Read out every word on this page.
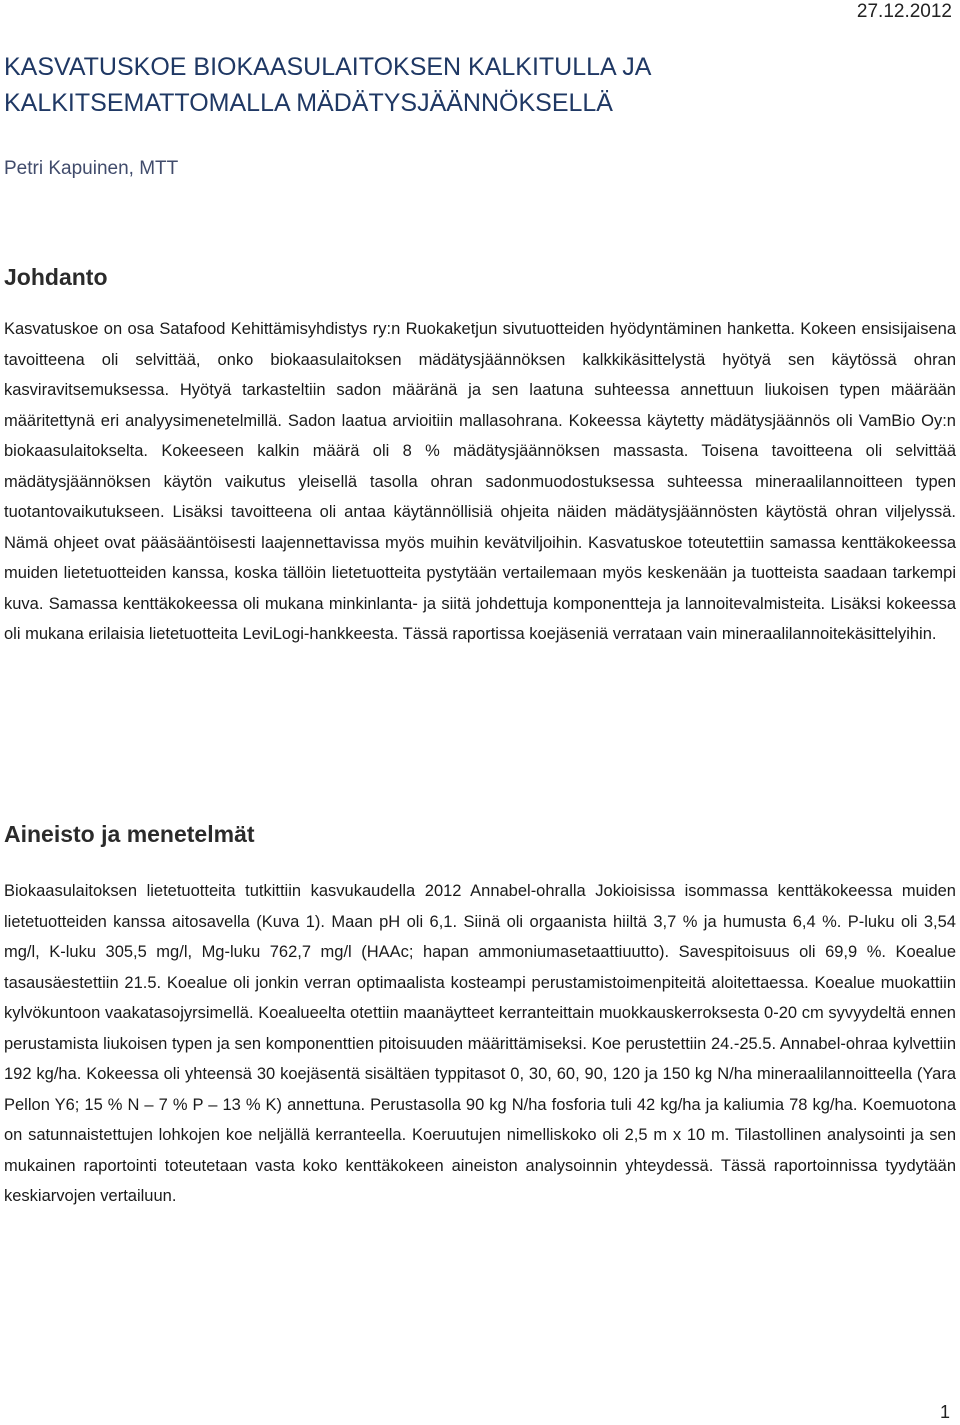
27.12.2012
KASVATUSKOE BIOKAASULAITOKSEN KALKITULLA JA KALKITSEMATTOMALLA MÄDÄTYSJÄÄNNÖKSELLÄ
Petri Kapuinen, MTT
Johdanto

Kasvatuskoe on osa Satafood Kehittämisyhdistys ry:n Ruokaketjun sivutuotteiden hyödyntäminen hanketta. Kokeen ensisijaisena tavoitteena oli selvittää, onko biokaasulaitoksen mädätysjäännöksen kalkkikäsittelystä hyötyä sen käytössä ohran kasviravitsemuksessa. Hyötyä tarkasteltiin sadon määränä ja sen laatuna suhteessa annettuun liukoisen typen määrään määritettynä eri analyysimenetelmillä. Sadon laatua arvioitiin mallasohrana. Kokeessa käytetty mädätysjäännös oli VamBio Oy:n biokaasulaitokselta. Kokeeseen kalkin määrä oli 8 % mädätysjäännöksen massasta. Toisena tavoitteena oli selvittää mädätysjäännöksen käytön vaikutus yleisellä tasolla ohran sadonmuodostuksessa suhteessa mineraalilannoitteen typen tuotantovaikutukseen. Lisäksi tavoitteena oli antaa käytännöllisiä ohjeita näiden mädätysjäännösten käytöstä ohran viljelyssä. Nämä ohjeet ovat pääsääntöisesti laajennettavissa myös muihin kevätviljoihin. Kasvatuskoe toteutettiin samassa kenttäkokeessa muiden lietetuotteiden kanssa, koska tällöin lietetuotteita pystytään vertailemaan myös keskenään ja tuotteista saadaan tarkempi kuva. Samassa kenttäkokeessa oli mukana minkinlanta- ja siitä johdettuja komponentteja ja lannoitevalmisteita. Lisäksi kokeessa oli mukana erilaisia lietetuotteita LeviLogi-hankkeesta. Tässä raportissa koejäseniä verrataan vain mineraalilannoitekäsittelyihin.

Aineisto ja menetelmät

Biokaasulaitoksen lietetuotteita tutkittiin kasvukaudella 2012 Annabel-ohralla Jokioisissa isommassa kenttäkokeessa muiden lietetuotteiden kanssa aitosavella (Kuva 1). Maan pH oli 6,1. Siinä oli orgaanista hiiltä 3,7 % ja humusta 6,4 %. P-luku oli 3,54 mg/l, K-luku 305,5 mg/l, Mg-luku 762,7 mg/l (HAAc; hapan ammoniumasetaattiuutto). Savespitoisuus oli 69,9 %. Koealue tasausäestettiin 21.5. Koealue oli jonkin verran optimaalista kosteampi perustamistoimenpiteitä aloitettaessa. Koealue muokattiin kylvökuntoon vaakatasojyrsimellä. Koealueelta otettiin maanäytteet kerranteittain muokkauskerroksesta 0-20 cm syvyydeltä ennen perustamista liukoisen typen ja sen komponenttien pitoisuuden määrittämiseksi. Koe perustettiin 24.-25.5. Annabel-ohraa kylvettiin 192 kg/ha. Kokeessa oli yhteensä 30 koejäsentä sisältäen typpitasot 0, 30, 60, 90, 120 ja 150 kg N/ha mineraalilannoitteella (Yara Pellon Y6; 15 % N – 7 % P – 13 % K) annettuna. Perustasolla 90 kg N/ha fosforia tuli 42 kg/ha ja kaliumia 78 kg/ha. Koemuotona on satunnaistettujen lohkojen koe neljällä kerranteella. Koeruutujen nimelliskoko oli 2,5 m x 10 m. Tilastollinen analysointi ja sen mukainen raportointi toteutetaan vasta koko kenttäkokeen aineiston analysoinnin yhteydessä. Tässä raportoinnissa tyydytään keskiarvojen vertailuun.

1
